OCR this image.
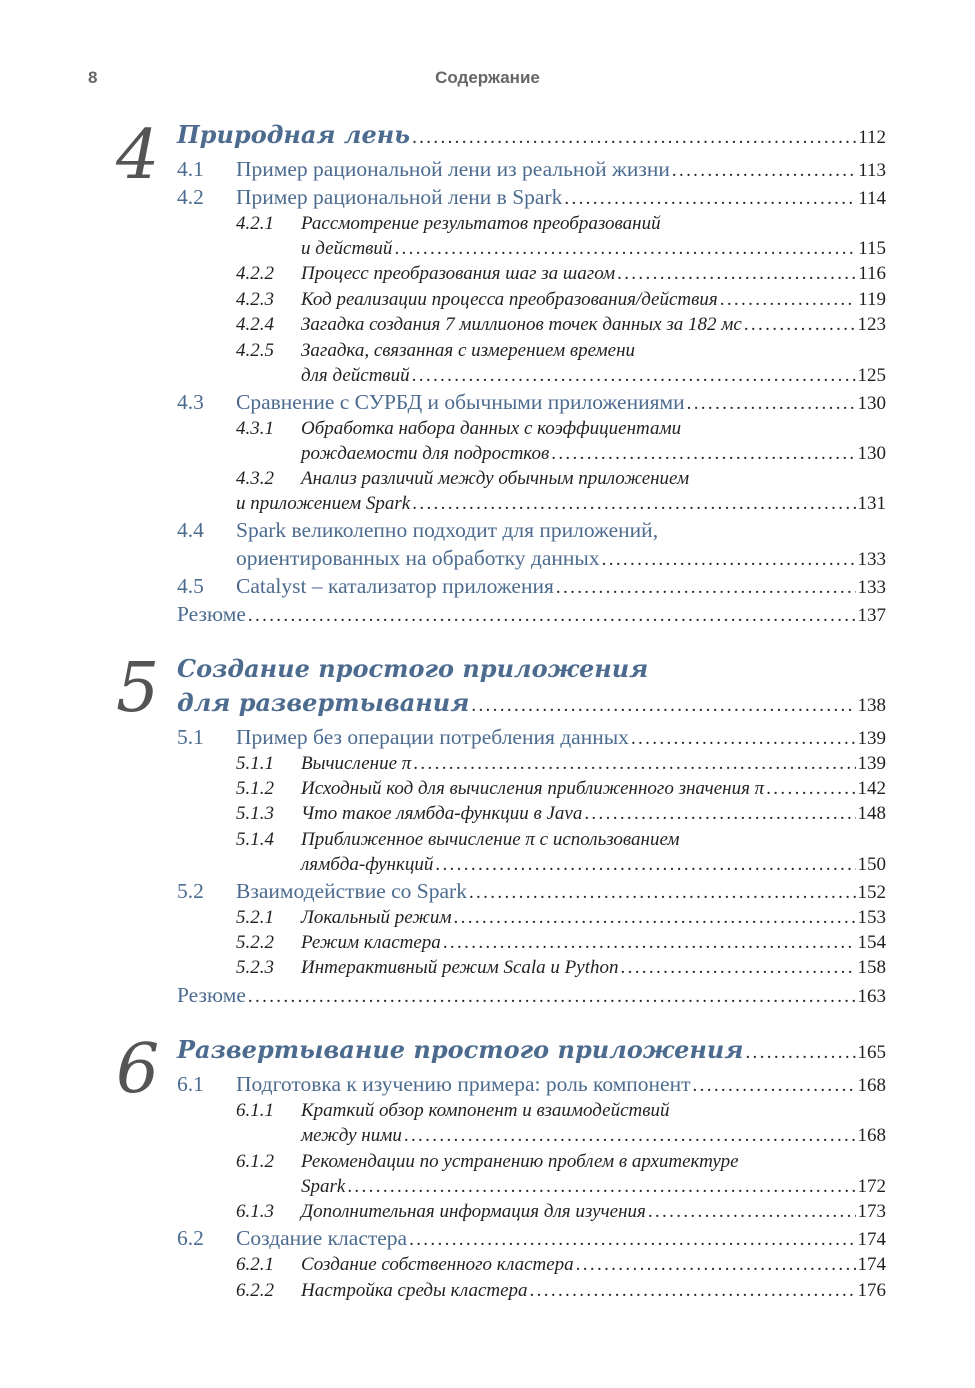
8	Содержание
4 Природная лень . . .	112
4.1	Пример рациональной лени из реальной жизни . . .	113
4.2	Пример рациональной лени в Spark . . .	114
4.2.1 Рассмотрение результатов преобразований
и действий . . .	115
4.2.2	Процесс преобразования шаг за шагом . . .	116
4.2.3	Код реализации процесса преобразования/действия . . .	119
4.2.4	Загадка создания 7 миллионов точек данных за 182 мс . . .	123
4.2.5 Загадка, связанная с измерением времени
для действий . . .	125
4.3	Сравнение с СУРБД и обычными приложениями . . .	130
4.3.1 Обработка набора данных с коэффициентами
рождаемости для подростков . . .	130
4.3.2 Анализ различий между обычным приложением
и приложением Spark . . .	131
4.4 Spark великолепно подходит для приложений,
ориентированных на обработку данных . . .	133
4.5	Catalyst – катализатор приложения . . .	133
Резюме . . .	137
5 Создание простого приложения
для развертывания . . .	138
5.1	Пример без операции потребления данных . . .	139
5.1.1	Вычисление π . . .	139
5.1.2	Исходный код для вычисления приближенного значения π . . .	142
5.1.3	Что такое лямбда-функции в Java . . .	148
5.1.4 Приближенное вычисление π с использованием
лямбда-функций . . .	150
5.2	Взаимодействие со Spark . . .	152
5.2.1	Локальный режим . . .	153
5.2.2	Режим кластера . . .	154
5.2.3	Интерактивный режим Scala и Python . . .	158
Резюме . . .	163
6 Развертывание простого приложения . . .	165
6.1	Подготовка к изучению примера: роль компонент . . .	168
6.1.1 Краткий обзор компонент и взаимодействий
между ними . . .	168
6.1.2 Рекомендации по устранению проблем в архитектуре
Spark . . .	172
6.1.3	Дополнительная информация для изучения . . .	173
6.2	Создание кластера . . .	174
6.2.1	Создание собственного кластера . . .	174
6.2.2	Настройка среды кластера . . .	176
